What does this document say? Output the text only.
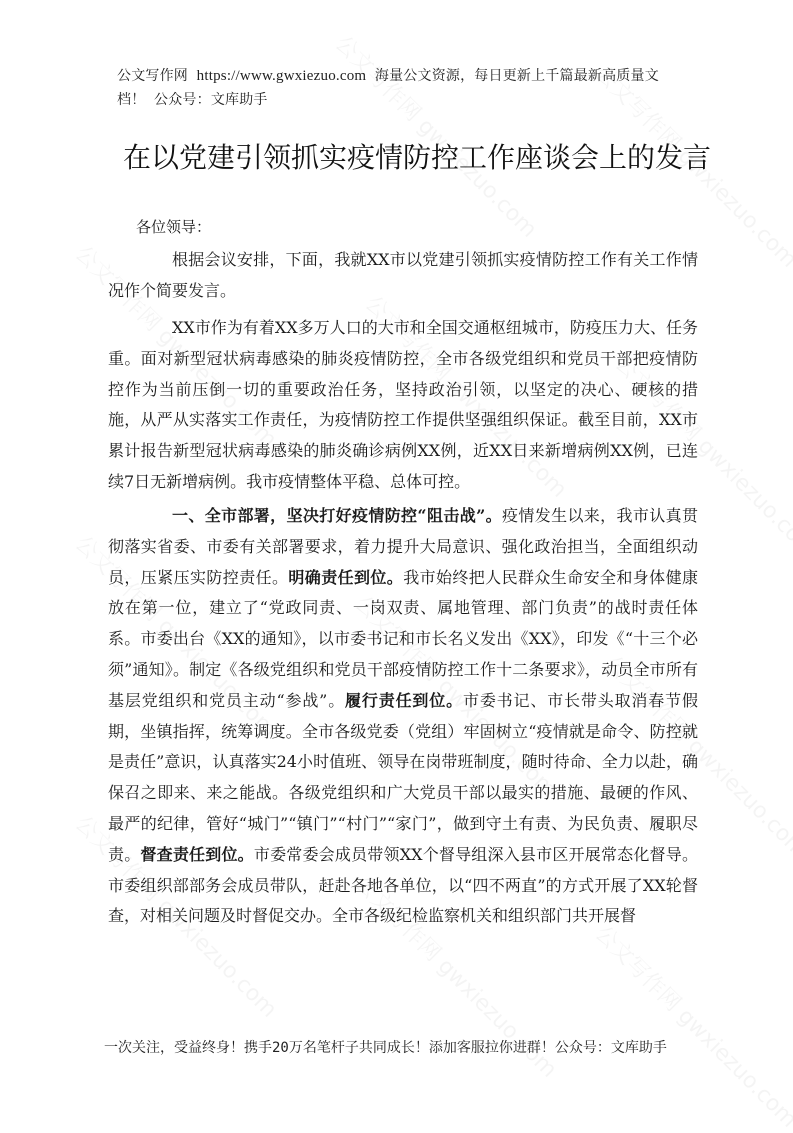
公文写作网 https://www.gwxiezuo.com 海量公文资源，每日更新上千篇最新高质量文档！ 公众号：文库助手
在以党建引领抓实疫情防控工作座谈会上的发言
各位领导：
根据会议安排，下面，我就XX市以党建引领抓实疫情防控工作有关工作情况作个简要发言。
XX市作为有着XX多万人口的大市和全国交通枢纽城市，防疫压力大、任务重。面对新型冠状病毒感染的肺炎疫情防控，全市各级党组织和党员干部把疫情防控作为当前压倒一切的重要政治任务，坚持政治引领，以坚定的决心、硬核的措施，从严从实落实工作责任，为疫情防控工作提供坚强组织保证。截至目前，XX市累计报告新型冠状病毒感染的肺炎确诊病例XX例，近XX日来新增病例XX例，已连续7日无新增病例。我市疫情整体平稳、总体可控。
一、全市部署，坚决打好疫情防控“阻击战”。疫情发生以来，我市认真贯彻落实省委、市委有关部署要求，着力提升大局意识、强化政治担当，全面组织动员，压紧压实防控责任。明确责任到位。我市始终把人民群众生命安全和身体健康放在第一位，建立了“党政同责、一岗双责、属地管理、部门负责”的战时责任体系。市委出台《XX的通知》，以市委书记和市长名义发出《XX》，印发《“十三个必须”通知》。制定《各级党组织和党员干部疫情防控工作十二条要求》，动员全市所有基层党组织和党员主动“参战”。履行责任到位。市委书记、市长带头取消春节假期，坐镇指挥，统筹调度。全市各级党委（党组）牢固树立“疫情就是命令、防控就是责任”意识，认真落实24小时值班、领导在岗带班制度，随时待命、全力以赴，确保召之即来、来之能战。各级党组织和广大党员干部以最实的措施、最硬的作风、最严的纪律，管好“城门”“镇门”“村门”“家门”，做到守土有责、为民负责、履职尽责。督查责任到位。市委常委会成员带领XX个督导组深入县市区开展常态化督导。市委组织部部务会成员带队，赶赴各地各单位，以“四不两直”的方式开展了XX轮督查，对相关问题及时督促交办。全市各级纪检监察机关和组织部门共开展督
一次关注，受益终身！携手20万名笔杆子共同成长！添加客服拉你进群！公众号：文库助手
